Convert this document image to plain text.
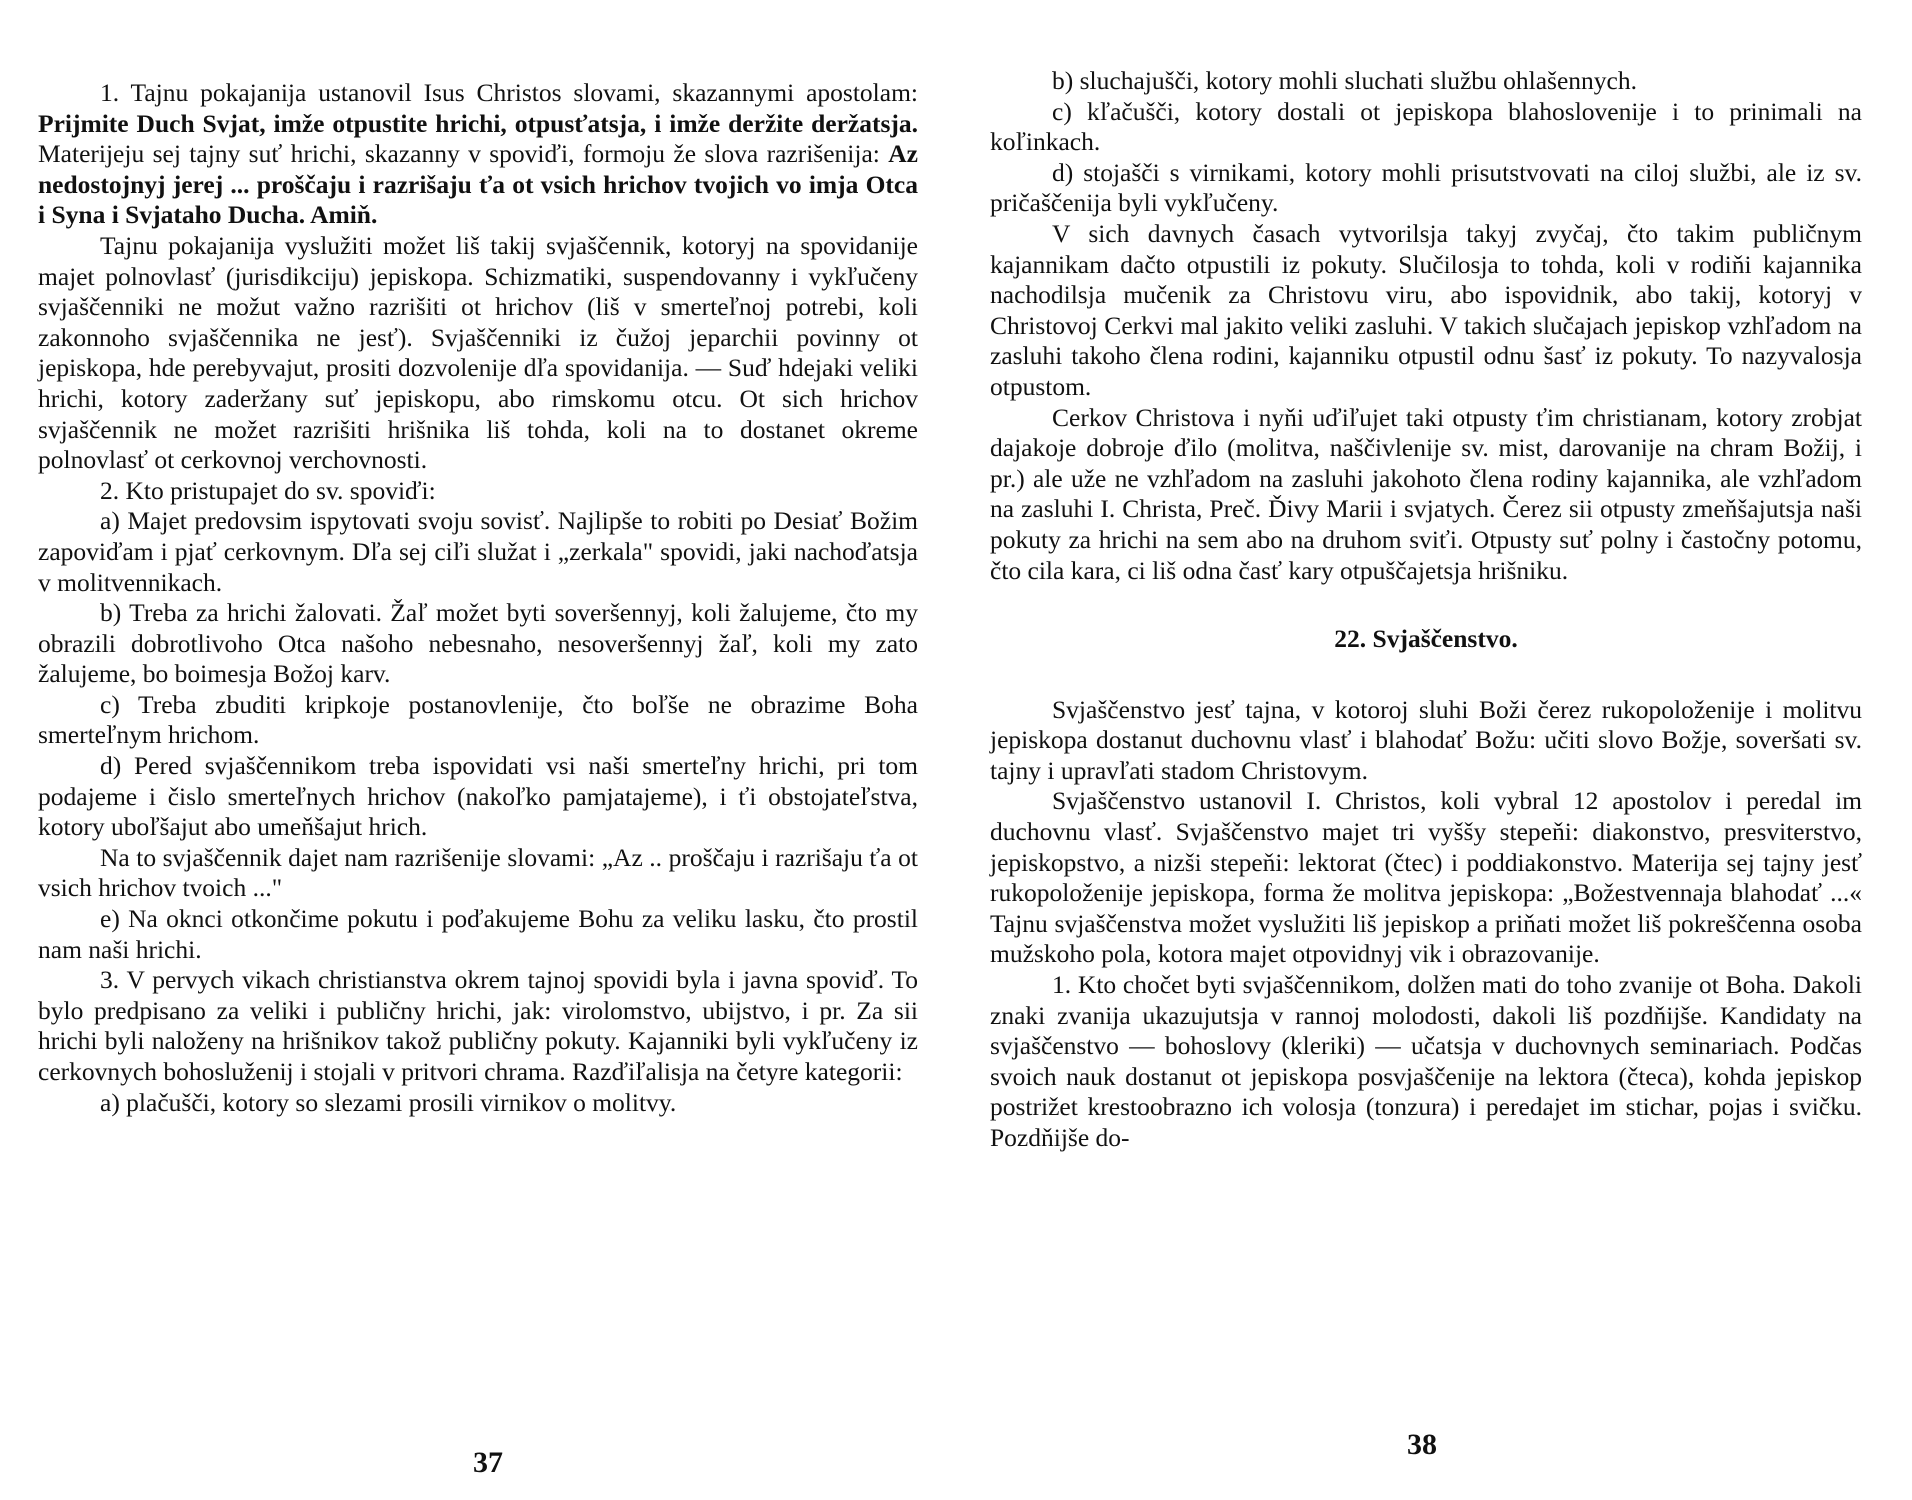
1. Tajnu pokajanija ustanovil Isus Christos slovami, skazannymi apostolam: Prijmite Duch Svjat, imže otpustite hrichi, otpusťatsja, i imže deržite deržatsja. Materijeju sej tajny suť hrichi, skazanny v spoviďi, formoju že slova razrišenija: Az nedostojnyj jerej ... proščaju i razrišaju ťa ot vsich hrichov tvojich vo imja Otca i Syna i Svjataho Ducha. Amiň.

Tajnu pokajanija vyslužiti možet liš takij svjaščennik, kotoryj na spovidanije majet polnovlasť (jurisdikciju) jepiskopa. Schizmatiki, suspendovanny i vykľučeny svjaščenniki ne možut važno razrišiti ot hrichov (liš v smerteľnoj potrebi, koli zakonnoho svjaščennika ne jesť). Svjaščenniki iz čužoj jeparchii povinny ot jepiskopa, hde perebyvajut, prositi dozvolenije dľa spovidanija. — Suď hdejaki veliki hrichi, kotory zaderžany suť jepiskopu, abo rimskomu otcu. Ot sich hrichov svjaščennik ne možet razrišiti hrišnika liš tohda, koli na to dostanet okreme polnovlasť ot cerkovnoj verchovnosti.

2. Kto pristupajet do sv. spoviďi:

a) Majet predovsim ispytovati svoju sovisť. Najlipše to robiti po Desiať Božim zapoviďam i pjať cerkovnym. Dľa sej ciľi služat i „zerkala" spovidi, jaki nachoďatsja v molitvennikach.

b) Treba za hrichi žalovati. Žaľ možet byti soveršennyj, koli žalujeme, čto my obrazili dobrotlivoho Otca našoho nebesnaho, nesoveršennyj žaľ, koli my zato žalujeme, bo boimesja Božoj karv.

c) Treba zbuditi kripkoje postanovlenije, čto boľše ne obrazime Boha smerteľnym hrichom.

d) Pered svjaščennikom treba ispovidati vsi naši smerteľny hrichi, pri tom podajeme i čislo smerteľnych hrichov (nakoľko pamjatajeme), i ťi obstojateľstva, kotory uboľšajut abo umeňšajut hrich.

Na to svjaščennik dajet nam razrišenije slovami: „Az .. proščaju i razrišaju ťa ot vsich hrichov tvoich ..."

e) Na okncі otkončime pokutu i poďakujeme Bohu za veliku lasku, čto prostil nam naši hrichi.

3. V pervych vikach christianstva okrem tajnoj spovidi byla i javna spoviď. To bylo predpisano za veliki i publičny hrichi, jak: virolomstvo, ubijstvo, i pr. Za sii hrichi byli naloženy na hrišnikov takož publičny pokuty. Kajanniki byli vykľučeny iz cerkovnych bohosluženij i stojali v pritvori chrama. Razďiľalisja na četyre kategorii:

a) plačušči, kotory so slezami prosili virnikov o molitvy.

37

b) sluchajušči, kotory mohli sluchati službu ohlašennych.

c) kľačušči, kotory dostali ot jepiskopa blahoslovenije i to prinimali na koľinkach.

d) stojašči s virnikami, kotory mohli prisutstvovati na ciloj službi, ale iz sv. pričaščenija byli vykľučeny.

V sich davnych časach vytvorilsja takyj zvyčaj, čto takim publičnym kajannikam dačto otpustili iz pokuty. Slučilosja to tohda, koli v rodiňi kajannika nachodilsja mučenik za Christovu viru, abo ispovidnik, abo takij, kotoryj v Christovoj Cerkvi mal jakito veliki zasluhi. V takich slučajach jepiskop vzhľadom na zasluhi takoho člena rodini, kajanniku otpustil odnu šasť iz pokuty. To nazyvalosja otpustom.

Cerkov Christova i nyňi uďiľujet taki otpusty ťim christianam, kotory zrobjat dajakoje dobroje ďilo (molitva, naščivlenije sv. mist, darovanije na chram Božij, i pr.) ale uže ne vzhľadom na zasluhi jakohoto člena rodiny kajannika, ale vzhľadom na zasluhi I. Christa, Preč. Ďivy Marii i svjatych. Čerez sii otpusty zmeňšajutsja naši pokuty za hrichi na sem abo na druhom sviťi. Otpusty suť polny i častočny potomu, čto cila kara, ci liš odna časť kary otpuščajetsja hrišniku.

22. Svjaščenstvo.

Svjaščenstvo jesť tajna, v kotoroj sluhi Boži čerez rukopoloženije i molitvu jepiskopa dostanut duchovnu vlasť i blahodať Božu: učiti slovo Božje, soveršati sv. tajny i upravľati stadom Christovym.

Svjaščenstvo ustanovil I. Christos, koli vybral 12 apostolov i peredal im duchovnu vlasť. Svjaščenstvo majet tri vyššy stepeňi: diakonstvo, presviterstvo, jepiskopstvo, a nizši stepeňi: lektorat (čtec) i poddiakonstvo. Materija sej tajny jesť rukopoloženije jepiskopa, forma že molitva jepiskopa: „Božestvennaja blahodať ...« Tajnu svjaščenstva možet vyslužiti liš jepiskop a priňati možet liš pokreščenna osoba mužskoho pola, kotora majet otpovidnyj vik i obrazovanije.

1. Kto chočet byti svjaščennikom, dolžen mati do toho zvanije ot Boha. Dakoli znaki zvanija ukazujutsja v rannoj molodosti, dakoli liš pozdňijše. Kandidaty na svjaščenstvo — bohoslovy (kleriki) — učatsja v duchovnych seminariach. Podčas svoich nauk dostanut ot jepiskopa posvjaščenije na lektora (čteca), kohda jepiskop postrižet krestoobrazno ich volosja (tonzura) i peredajet im stichar, pojas i svičku. Pozdňijše do-

38
